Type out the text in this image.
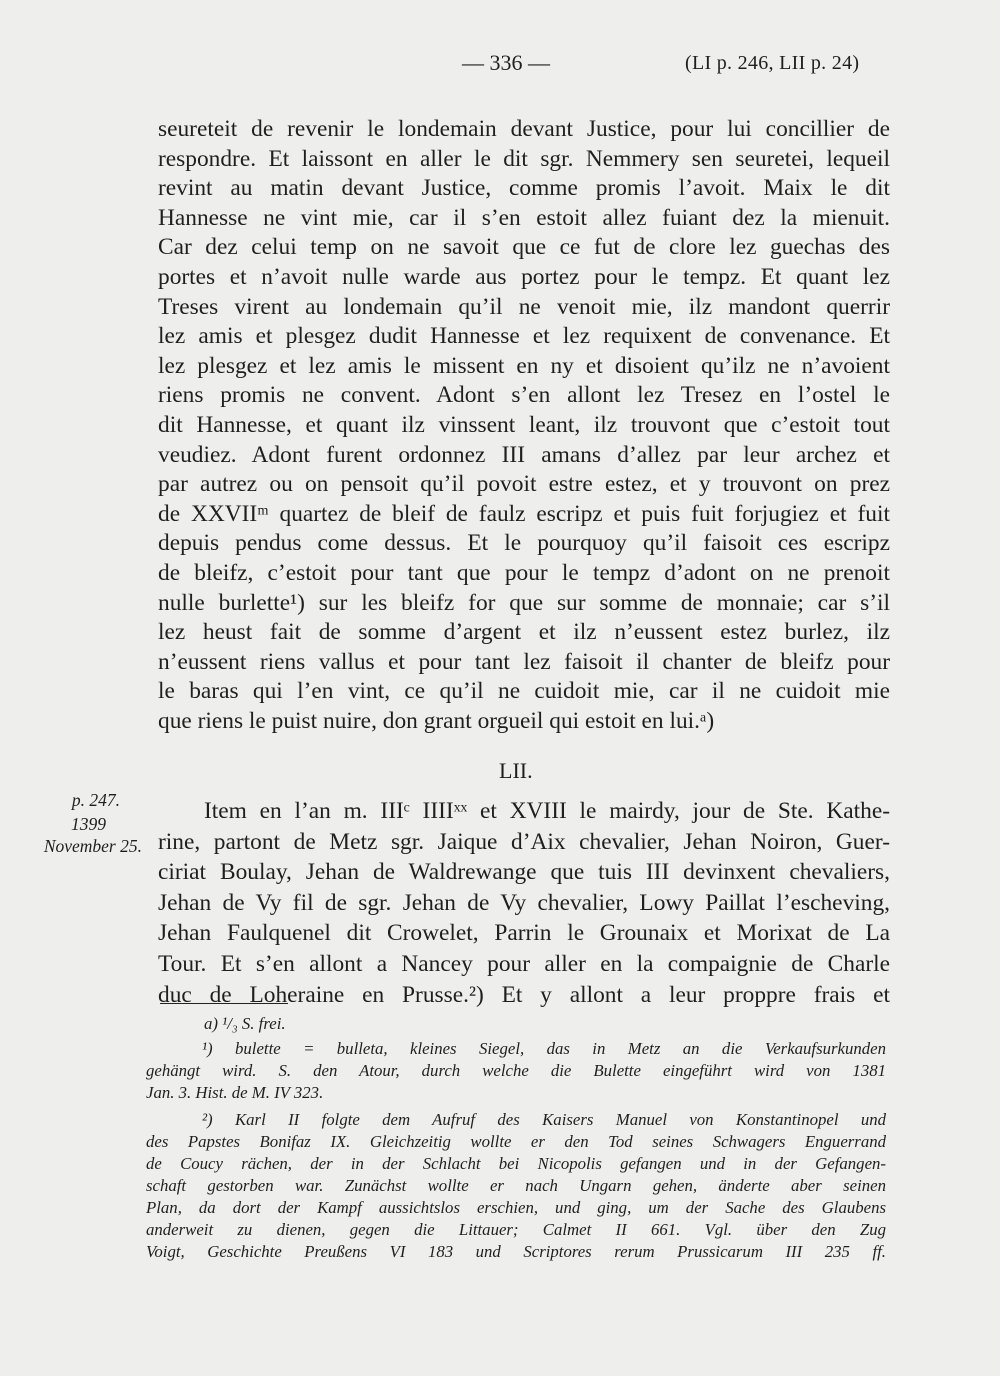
— 336 —	(LI p. 246, LII p. 24)
seureteit de revenir le londemain devant Justice, pour lui concillier de
respondre. Et laissont en aller le dit sgr. Nemmery sen seuretei, lequeil
revint au matin devant Justice, comme promis l’avoit. Maix le dit
Hannesse ne vint mie, car il s’en estoit allez fuiant dez la mienuit.
Car dez celui temp on ne savoit que ce fut de clore lez guechas des
portes et n’avoit nulle warde aus portez pour le tempz. Et quant lez
Treses virent au londemain qu’il ne venoit mie, ilz mandont querrir
lez amis et plesgez dudit Hannesse et lez requixent de convenance. Et
lez plesgez et lez amis le missent en ny et disoient qu’ilz ne n’avoient
riens promis ne convent. Adont s’en allont lez Tresez en l’ostel le
dit Hannesse, et quant ilz vinssent leant, ilz trouvont que c’estoit tout
veudiez. Adont furent ordonnez III amans d’allez par leur archez et
par autrez ou on pensoit qu’il povoit estre estez, et y trouvont on prez
de XXVIIᵐ quartez de bleif de faulz escripz et puis fuit forjugiez et fuit
depuis pendus come dessus. Et le pourquoy qu’il faisoit ces escripz
de bleifz, c’estoit pour tant que pour le tempz d’adont on ne prenoit
nulle burlette¹) sur les bleifz for que sur somme de monnaie; car s’il
lez heust fait de somme d’argent et ilz n’eussent estez burlez, ilz
n’eussent riens vallus et pour tant lez faisoit il chanter de bleifz pour
le baras qui l’en vint, ce qu’il ne cuidoit mie, car il ne cuidoit mie
que riens le puist nuire, don grant orgueil qui estoit en lui.ᵃ)
LII.
p. 247.
1399
November 25.
Item en l’an m. IIIᶜ IIIIˣˣ et XVIII le mairdy, jour de Ste. Kathe-
rine, partont de Metz sgr. Jaique d’Aix chevalier, Jehan Noiron, Guer-
ciriat Boulay, Jehan de Waldrewange que tuis III devinxent chevaliers,
Jehan de Vy fil de sgr. Jehan de Vy chevalier, Lowy Paillat l’escheving,
Jehan Faulquenel dit Crowelet, Parrin le Grounaix et Morixat de La
Tour. Et s’en allont a Nancey pour aller en la compaignie de Charle
duc de Loheraine en Prusse.²) Et y allont a leur proppre frais et
a) ¹/₃ S. frei.
¹) bulette = bulleta, kleines Siegel, das in Metz an die Verkaufsurkunden
gehängt wird. S. den Atour, durch welche die Bulette eingeführt wird von 1381
Jan. 3. Hist. de M. IV 323.
²) Karl II folgte dem Aufruf des Kaisers Manuel von Konstantinopel und
des Papstes Bonifaz IX. Gleichzeitig wollte er den Tod seines Schwagers Enguerrand
de Coucy rächen, der in der Schlacht bei Nicopolis gefangen und in der Gefangen-
schaft gestorben war. Zunächst wollte er nach Ungarn gehen, änderte aber seinen
Plan, da dort der Kampf aussichtslos erschien, und ging, um der Sache des Glaubens
anderweit zu dienen, gegen die Littauer; Calmet II 661. Vgl. über den Zug
Voigt, Geschichte Preußens VI 183 und Scriptores rerum Prussicarum III 235 ff.
